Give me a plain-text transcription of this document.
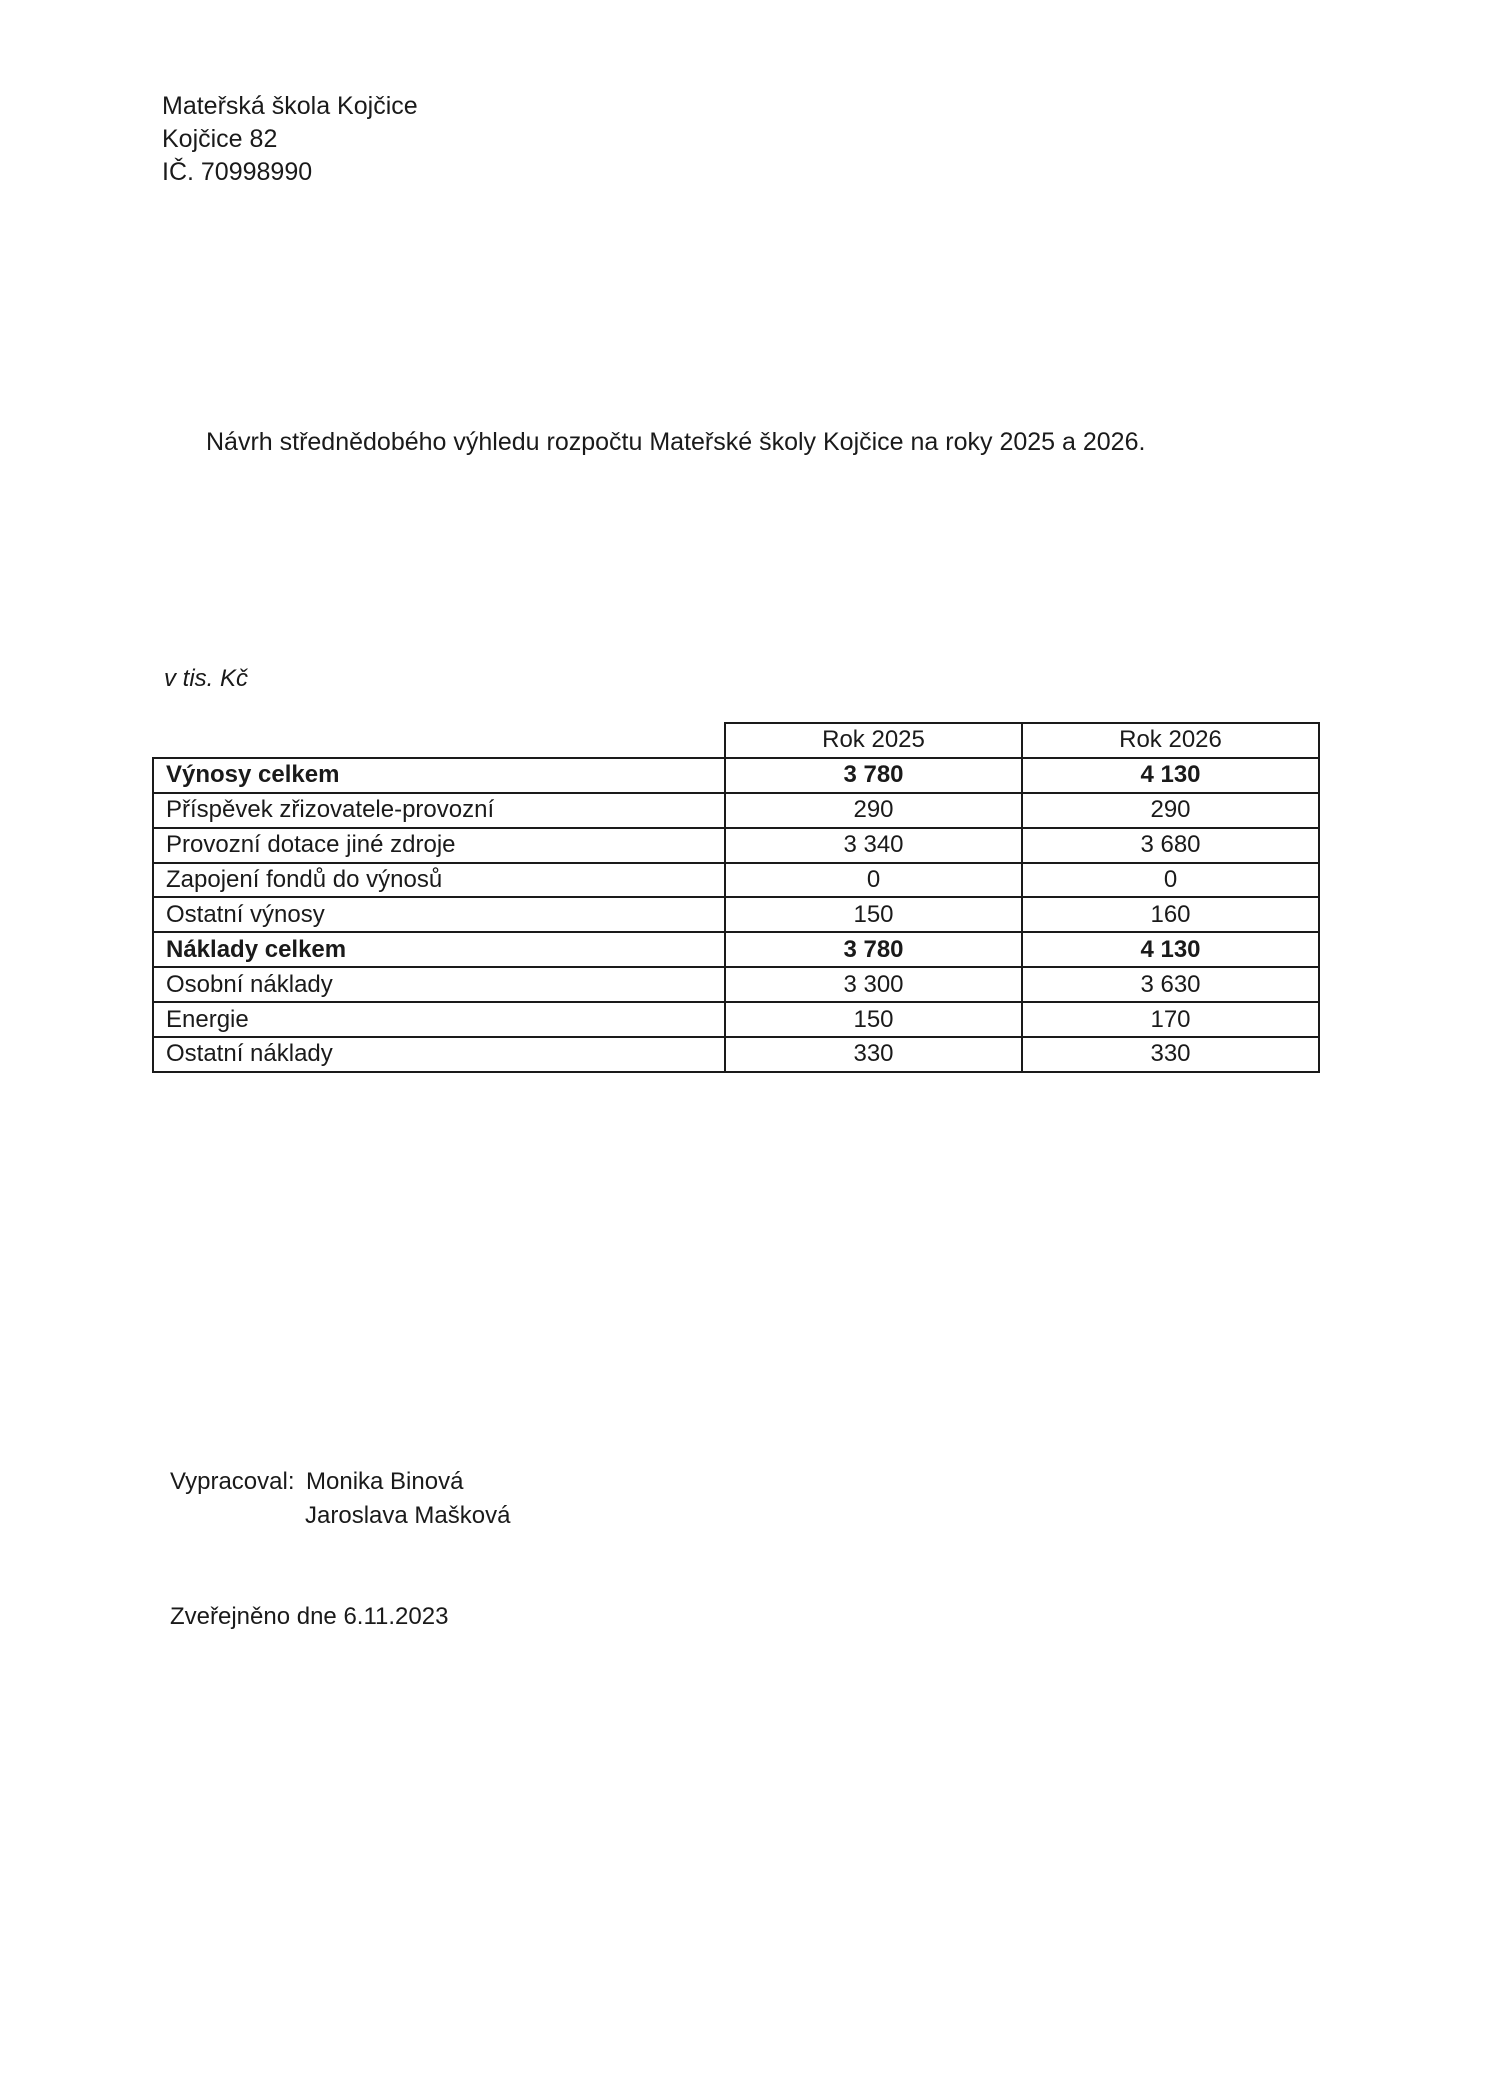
Mateřská škola Kojčice
Kojčice 82
IČ. 70998990
Návrh střednědobého výhledu rozpočtu Mateřské školy Kojčice na roky 2025 a 2026.
v tis. Kč
	Rok 2025	Rok 2026
Výnosy celkem	3 780	4 130
Příspěvek zřizovatele-provozní	290	290
Provozní dotace jiné zdroje	3 340	3 680
Zapojení fondů do výnosů	0	0
Ostatní výnosy	150	160
Náklady celkem	3 780	4 130
Osobní náklady	3 300	3 630
Energie	150	170
Ostatní náklady	330	330
Vypracoval: Monika Binová
Jaroslava Mašková
Zveřejněno dne 6.11.2023
